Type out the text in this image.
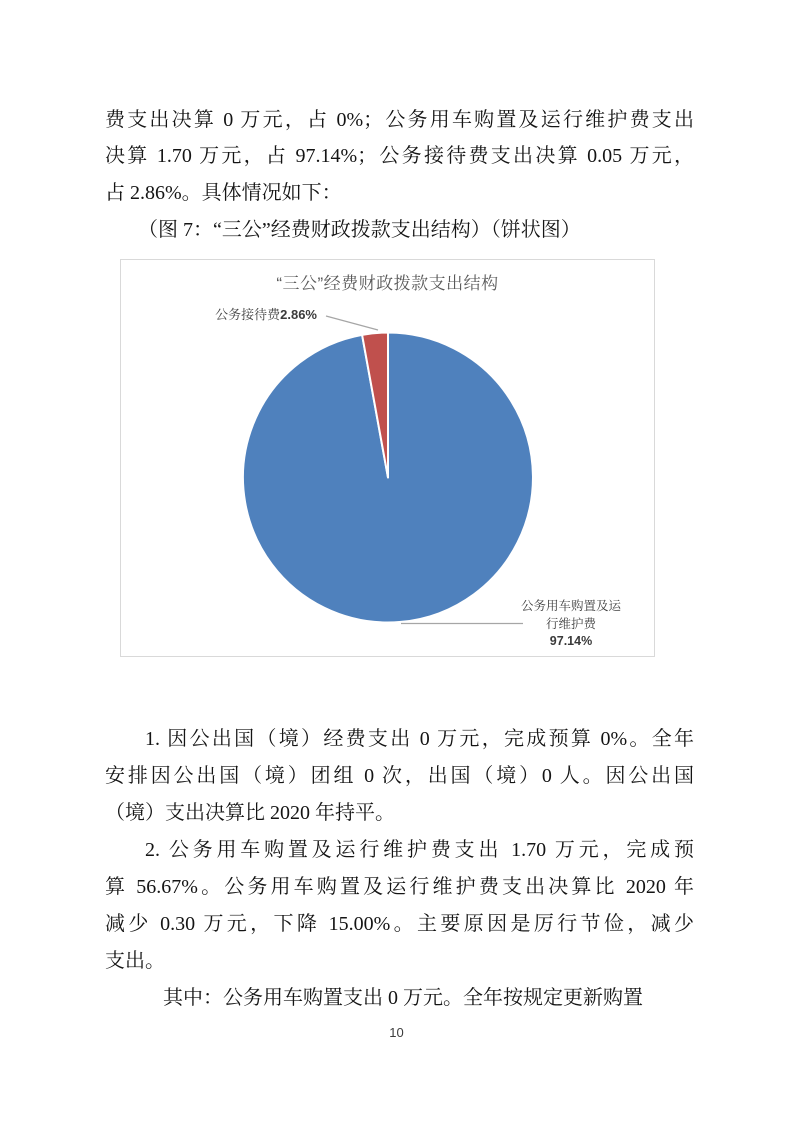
费支出决算 0 万元，占 0%；公务用车购置及运行维护费支出
决算 1.70 万元，占 97.14%；公务接待费支出决算 0.05 万元，
占 2.86%。具体情况如下：
（图 7：“三公”经费财政拨款支出结构）（饼状图）
“三公”经费财政拨款支出结构
公务接待费2.86%
公务用车购置及运
行维护费
97.14%
1. 因公出国（境）经费支出 0 万元，完成预算 0%。全年
安排因公出国（境）团组 0 次，出国（境）0 人。因公出国
（境）支出决算比 2020 年持平。
2. 公务用车购置及运行维护费支出 1.70 万元，完成预
算 56.67%。公务用车购置及运行维护费支出决算比 2020 年
减少 0.30 万元，下降 15.00%。主要原因是厉行节俭，减少
支出。
其中：公务用车购置支出 0 万元。全年按规定更新购置
10
